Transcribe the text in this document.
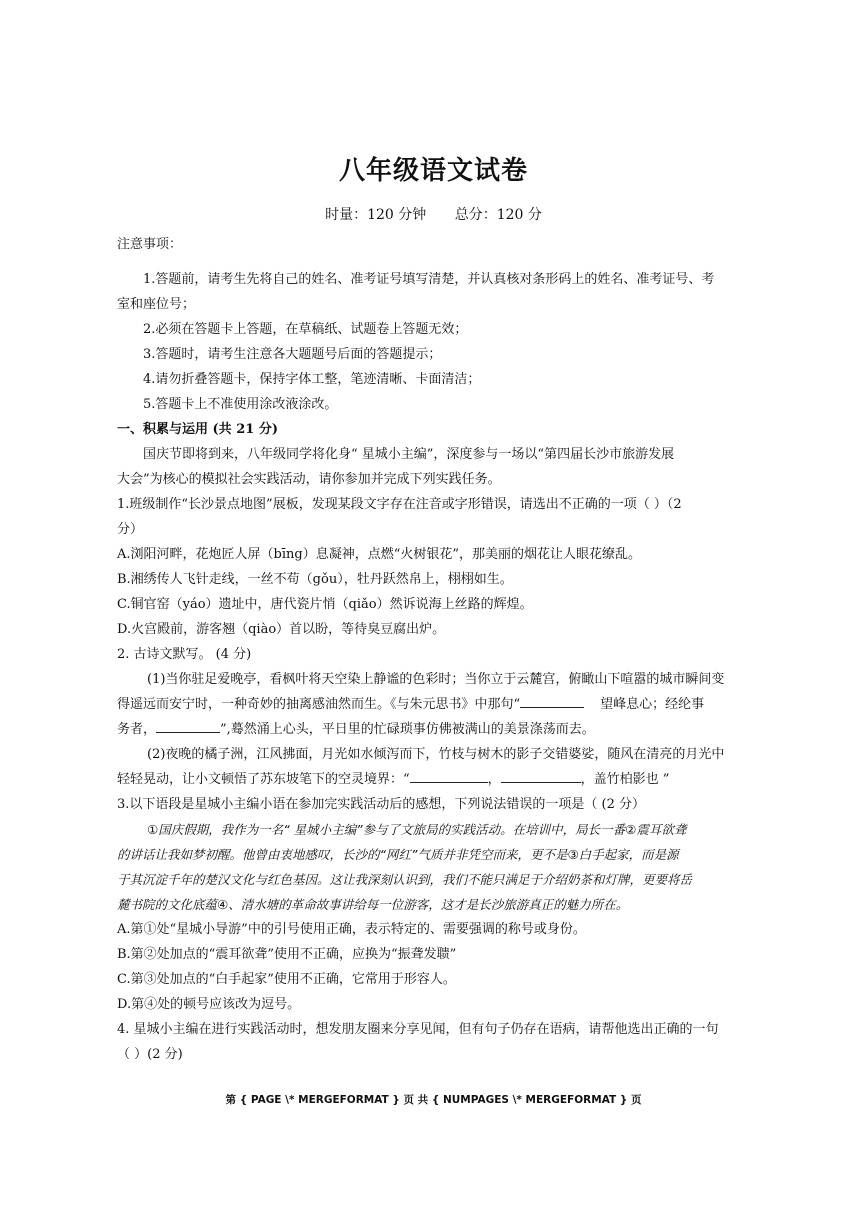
八年级语文试卷
时量：120 分钟 总分：120 分
注意事项：
1.答题前，请考生先将自己的姓名、准考证号填写清楚，并认真核对条形码上的姓名、准考证号、考
室和座位号；
2.必须在答题卡上答题，在草稿纸、试题卷上答题无效；
3.答题时，请考生注意各大题题号后面的答题提示；
4.请勿折叠答题卡，保持字体工整，笔迹清晰、卡面清洁；
5.答题卡上不准使用涂改液涂改。
一、积累与运用 (共 21 分)
国庆节即将到来，八年级同学将化身“ 星城小主编”，深度参与一场以“第四届长沙市旅游发展
大会”为核心的模拟社会实践活动，请你参加并完成下列实践任务。
1.班级制作“长沙景点地图”展板，发现某段文字存在注音或字形错误，请选出不正确的一项（ ）（2
分）
A.浏阳河畔，花炮匠人屏（bīng）息凝神，点燃“火树银花”，那美丽的烟花让人眼花缭乱。
B.湘绣传人飞针走线，一丝不苟（gǒu），牡丹跃然帛上，栩栩如生。
C.铜官窑（yáo）遗址中，唐代瓷片悄（qiǎo）然诉说海上丝路的辉煌。
D.火宫殿前，游客翘（qiào）首以盼，等待臭豆腐出炉。
2. 古诗文默写。 (4 分)
(1)当你驻足爱晚亭，看枫叶将天空染上静谧的色彩时；当你立于云麓宫，俯瞰山下喧嚣的城市瞬间变
得遥远而安宁时，一种奇妙的抽离感油然而生。《与朱元思书》中那句“	望峰息心；经纶事
务者，	”,蓦然涌上心头，平日里的忙碌琐事仿佛被满山的美景涤荡而去。
(2)夜晚的橘子洲，江风拂面，月光如水倾泻而下，竹枝与树木的影子交错婆娑，随风在清亮的月光中
轻轻晃动，让小文顿悟了苏东坡笔下的空灵境界：“	，	，盖竹柏影也 ”
3.以下语段是星城小主编小语在参加完实践活动后的感想，下列说法错误的一项是（ (2 分）
①国庆假期，我作为一名“ 星城小主编”参与了文旅局的实践活动。在培训中，局长一番②震耳欲聋
的讲话让我如梦初醒。他曾由衷地感叹，长沙的“网红”气质并非凭空而来，更不是③白手起家，而是源
于其沉淀千年的楚汉文化与红色基因。这让我深刻认识到，我们不能只满足于介绍奶茶和灯牌，更要将岳
麓书院的文化底蕴④、清水塘的革命故事讲给每一位游客，这才是长沙旅游真正的魅力所在。
A.第①处“星城小导游”中的引号使用正确，表示特定的、需要强调的称号或身份。
B.第②处加点的“震耳欲聋”使用不正确，应换为“振聋发聩”
C.第③处加点的“白手起家”使用不正确，它常用于形容人。
D.第④处的顿号应该改为逗号。
4. 星城小主编在进行实践活动时，想发朋友圈来分享见闻，但有句子仍存在语病，请帮他选出正确的一句
（ ）(2 分)
第 { PAGE \* MERGEFORMAT } 页 共 { NUMPAGES \* MERGEFORMAT } 页
